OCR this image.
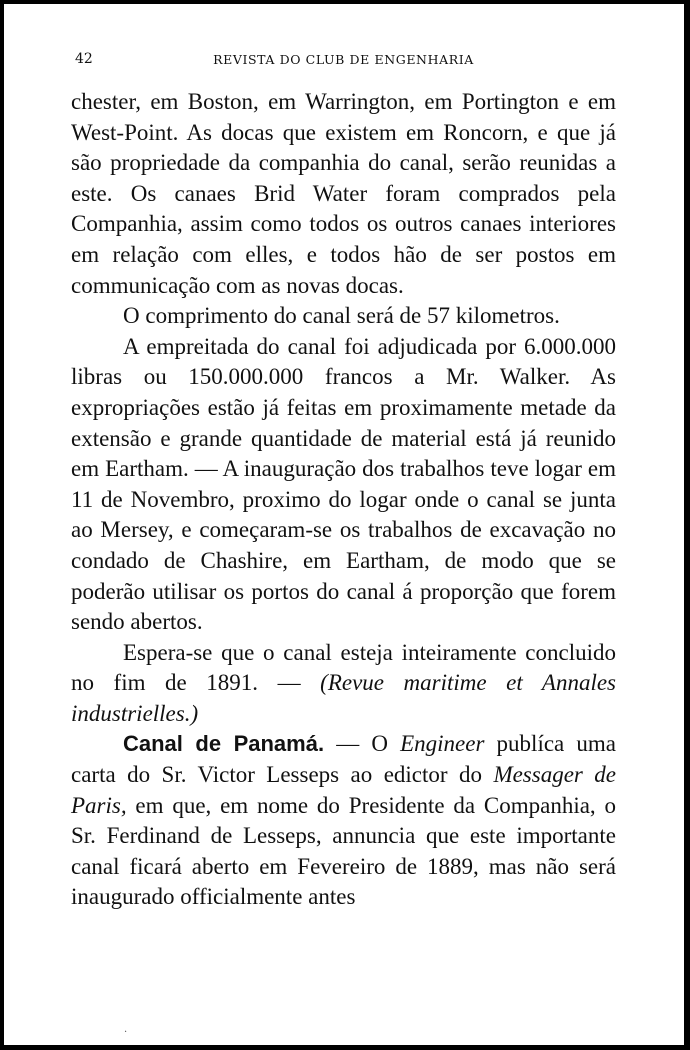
42	REVISTA DO CLUB DE ENGENHARIA

chester, em Boston, em Warrington, em Portington e em West-Point. As docas que existem em Roncorn, e que já são propriedade da companhia do canal, serão reunidas a este. Os canaes Brid Water foram comprados pela Companhia, assim como todos os outros canaes interiores em relação com elles, e todos hão de ser postos em communicação com as novas docas.

O comprimento do canal será de 57 kilometros.

A empreitada do canal foi adjudicada por 6.000.000 libras ou 150.000.000 francos a Mr. Walker. As expropriações estão já feitas em proximamente metade da extensão e grande quantidade de material está já reunido em Eartham. — A inauguração dos trabalhos teve logar em 11 de Novembro, proximo do logar onde o canal se junta ao Mersey, e começaram-se os trabalhos de excavação no condado de Chashire, em Eartham, de modo que se poderão utilisar os portos do canal á proporção que forem sendo abertos.

Espera-se que o canal esteja inteiramente concluido no fim de 1891. — (Revue maritime et Annales industrielles.)

Canal de Panamá. — O Engineer publíca uma carta do Sr. Victor Lesseps ao edictor do Messager de Paris, em que, em nome do Presidente da Companhia, o Sr. Ferdinand de Lesseps, annuncia que este importante canal ficará aberto em Fevereiro de 1889, mas não será inaugurado officialmente antes

.
